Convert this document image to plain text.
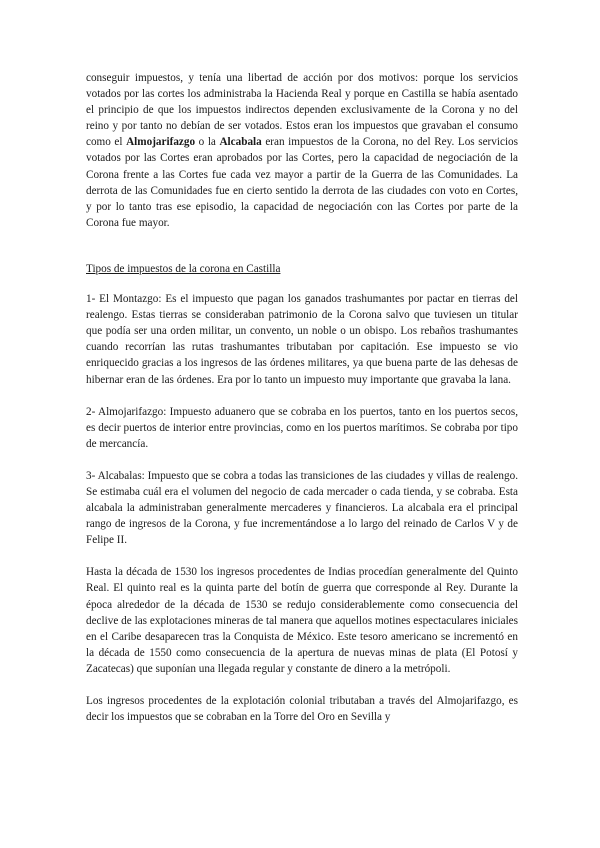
conseguir impuestos, y tenía una libertad de acción por dos motivos: porque los servicios votados por las cortes los administraba la Hacienda Real y porque en Castilla se había asentado el principio de que los impuestos indirectos dependen exclusivamente de la Corona y no del reino y por tanto no debían de ser votados. Estos eran los impuestos que gravaban el consumo como el Almojarifazgo o la Alcabala eran impuestos de la Corona, no del Rey. Los servicios votados por las Cortes eran aprobados por las Cortes, pero la capacidad de negociación de la Corona frente a las Cortes fue cada vez mayor a partir de la Guerra de las Comunidades. La derrota de las Comunidades fue en cierto sentido la derrota de las ciudades con voto en Cortes, y por lo tanto tras ese episodio, la capacidad de negociación con las Cortes por parte de la Corona fue mayor.

Tipos de impuestos de la corona en Castilla

1- El Montazgo: Es el impuesto que pagan los ganados trashumantes por pactar en tierras del realengo. Estas tierras se consideraban patrimonio de la Corona salvo que tuviesen un titular que podía ser una orden militar, un convento, un noble o un obispo. Los rebaños trashumantes cuando recorrían las rutas trashumantes tributaban por capitación. Ese impuesto se vio enriquecido gracias a los ingresos de las órdenes militares, ya que buena parte de las dehesas de hibernar eran de las órdenes. Era por lo tanto un impuesto muy importante que gravaba la lana.

2- Almojarifazgo: Impuesto aduanero que se cobraba en los puertos, tanto en los puertos secos, es decir puertos de interior entre provincias, como en los puertos marítimos. Se cobraba por tipo de mercancía.

3- Alcabalas: Impuesto que se cobra a todas las transiciones de las ciudades y villas de realengo. Se estimaba cuál era el volumen del negocio de cada mercader o cada tienda, y se cobraba. Esta alcabala la administraban generalmente mercaderes y financieros. La alcabala era el principal rango de ingresos de la Corona, y fue incrementándose a lo largo del reinado de Carlos V y de Felipe II.

Hasta la década de 1530 los ingresos procedentes de Indias procedían generalmente del Quinto Real. El quinto real es la quinta parte del botín de guerra que corresponde al Rey. Durante la época alrededor de la década de 1530 se redujo considerablemente como consecuencia del declive de las explotaciones mineras de tal manera que aquellos motines espectaculares iniciales en el Caribe desaparecen tras la Conquista de México. Este tesoro americano se incrementó en la década de 1550 como consecuencia de la apertura de nuevas minas de plata (El Potosí y Zacatecas) que suponían una llegada regular y constante de dinero a la metrópoli.

Los ingresos procedentes de la explotación colonial tributaban a través del Almojarifazgo, es decir los impuestos que se cobraban en la Torre del Oro en Sevilla y
